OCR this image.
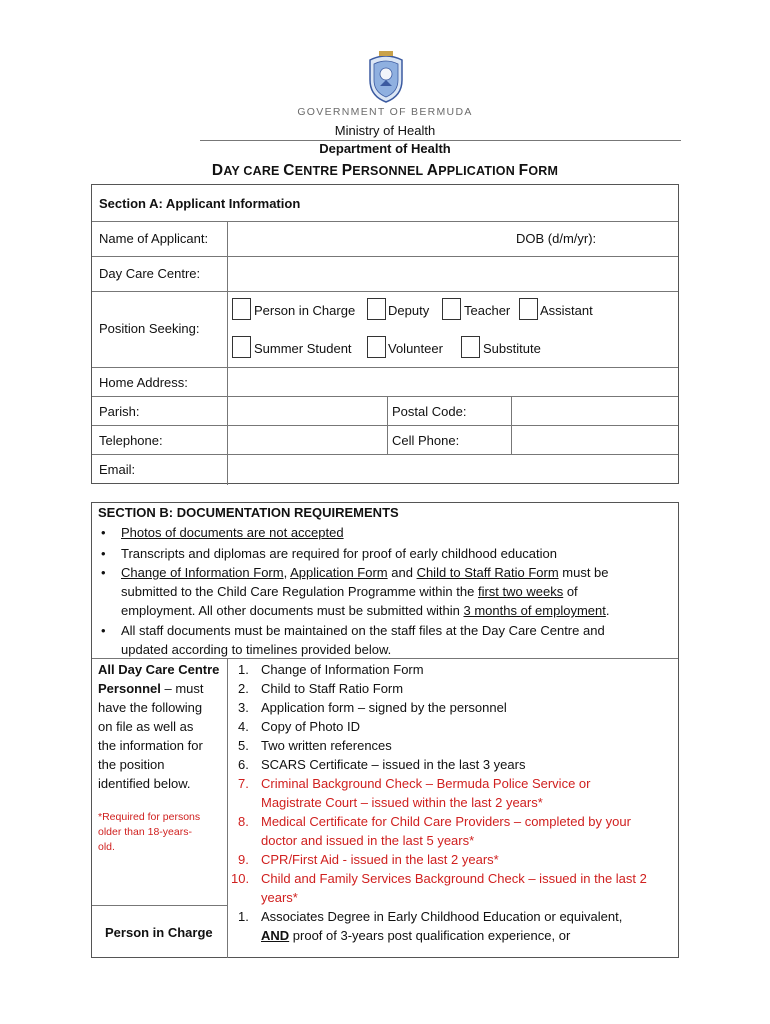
GOVERNMENT OF BERMUDA
Ministry of Health
Department of Health
DAY CARE CENTRE PERSONNEL APPLICATION FORM
Section A: Applicant Information
Name of Applicant:	DOB (d/m/yr):
Day Care Centre:
Position Seeking:
Person in Charge	Deputy	Teacher Assistant
Summer Student	Volunteer	Substitute
Home Address:
Parish:	Postal Code:
Telephone:	Cell Phone:
Email:
SECTION B: DOCUMENTATION REQUIREMENTS
• Photos of documents are not accepted
• Transcripts and diplomas are required for proof of early childhood education
• Change of Information Form, Application Form and Child to Staff Ratio Form must be
submitted to the Child Care Regulation Programme within the first two weeks of
employment. All other documents must be submitted within 3 months of employment.
• All staff documents must be maintained on the staff files at the Day Care Centre and
updated according to timelines provided below.
All Day Care Centre
Personnel – must
have the following
on file as well as
the information for
the position
identified below.
*Required for persons
older than 18-years-
old.
1. Change of Information Form
2. Child to Staff Ratio Form
3. Application form – signed by the personnel
4. Copy of Photo ID
5. Two written references
6. SCARS Certificate – issued in the last 3 years
7. Criminal Background Check – Bermuda Police Service or
Magistrate Court – issued within the last 2 years*
8. Medical Certificate for Child Care Providers – completed by your
doctor and issued in the last 5 years*
9. CPR/First Aid - issued in the last 2 years*
10. Child and Family Services Background Check – issued in the last 2
years*
Person in Charge
1. Associates Degree in Early Childhood Education or equivalent,
AND proof of 3-years post qualification experience, or
